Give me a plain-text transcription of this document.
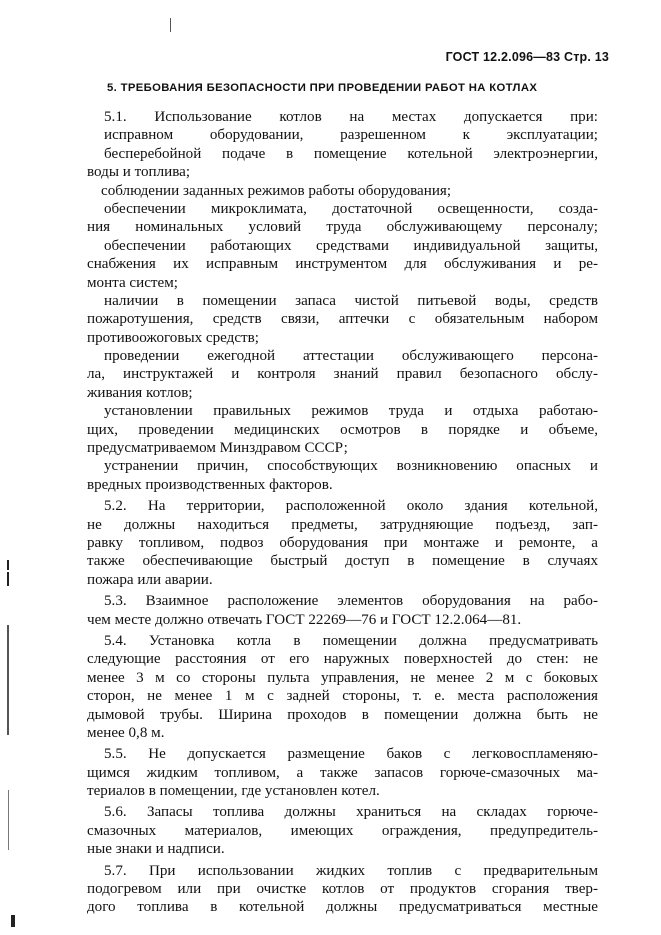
ГОСТ 12.2.096—83 Стр. 13
5. ТРЕБОВАНИЯ БЕЗОПАСНОСТИ ПРИ ПРОВЕДЕНИИ РАБОТ НА КОТЛАХ
5.1. Использование котлов на местах допускается при:
исправном оборудовании, разрешенном к эксплуатации;
бесперебойной подаче в помещение котельной электроэнергии,
воды и топлива;
соблюдении заданных режимов работы оборудования;
обеспечении микроклимата, достаточной освещенности, созда-
ния номинальных условий труда обслуживающему персоналу;
обеспечении работающих средствами индивидуальной защиты,
снабжения их исправным инструментом для обслуживания и ре-
монта систем;
наличии в помещении запаса чистой питьевой воды, средств
пожаротушения, средств связи, аптечки с обязательным набором
противоожоговых средств;
проведении ежегодной аттестации обслуживающего персона-
ла, инструктажей и контроля знаний правил безопасного обслу-
живания котлов;
установлении правильных режимов труда и отдыха работаю-
щих, проведении медицинских осмотров в порядке и объеме,
предусматриваемом Минздравом СССР;
устранении причин, способствующих возникновению опасных и
вредных производственных факторов.
5.2. На территории, расположенной около здания котельной,
не должны находиться предметы, затрудняющие подъезд, зап-
равку топливом, подвоз оборудования при монтаже и ремонте, а
также обеспечивающие быстрый доступ в помещение в случаях
пожара или аварии.
5.3. Взаимное расположение элементов оборудования на рабо-
чем месте должно отвечать ГОСТ 22269—76 и ГОСТ 12.2.064—81.
5.4. Установка котла в помещении должна предусматривать
следующие расстояния от его наружных поверхностей до стен: не
менее 3 м со стороны пульта управления, не менее 2 м с боковых
сторон, не менее 1 м с задней стороны, т. е. места расположения
дымовой трубы. Ширина проходов в помещении должна быть не
менее 0,8 м.
5.5. Не допускается размещение баков с легковоспламеняю-
щимся жидким топливом, а также запасов горюче-смазочных ма-
териалов в помещении, где установлен котел.
5.6. Запасы топлива должны храниться на складах горюче-
смазочных материалов, имеющих ограждения, предупредитель-
ные знаки и надписи.
5.7. При использовании жидких топлив с предварительным
подогревом или при очистке котлов от продуктов сгорания твер-
дого топлива в котельной должны предусматриваться местные
